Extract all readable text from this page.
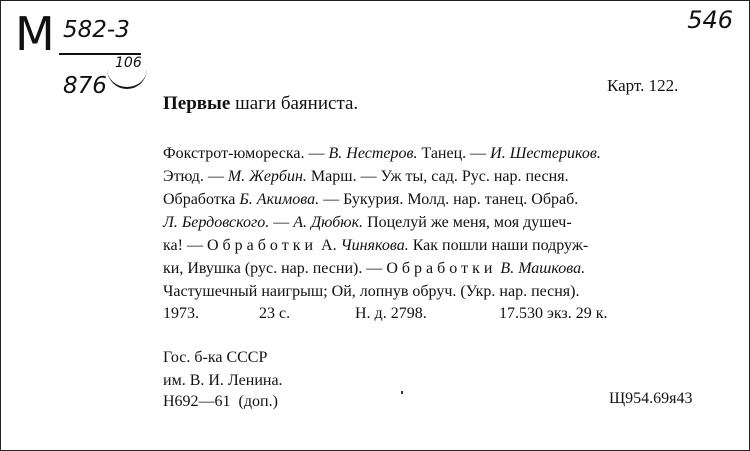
M 582-3
876
106
546
Карт. 122.
Первые шаги баяниста.
Фокстрот-юмореска. — В. Нестеров. Танец. — И. Шестериков.
Этюд. — М. Жербин. Марш. — Уж ты, сад. Рус. нар. песня.
Обработка Б. Акимова. — Букурия. Молд. нар. танец. Обраб.
Л. Бердовского. — А. Дюбюк. Поцелуй же меня, моя душеч-
ка! — Обработки А. Чинякова. Как пошли наши подруж-
ки, Ивушка (рус. нар. песни). — Обработки В. Машкова.
Частушечный наигрыш; Ой, лопнув обруч. (Укр. нар. песня).
1973.	23 с.	Н. д. 2798.	17.530 экз. 29 к.
Гос. б-ка СССР
им. В. И. Ленина.
Н692—61  (доп.)	Щ954.69я43
